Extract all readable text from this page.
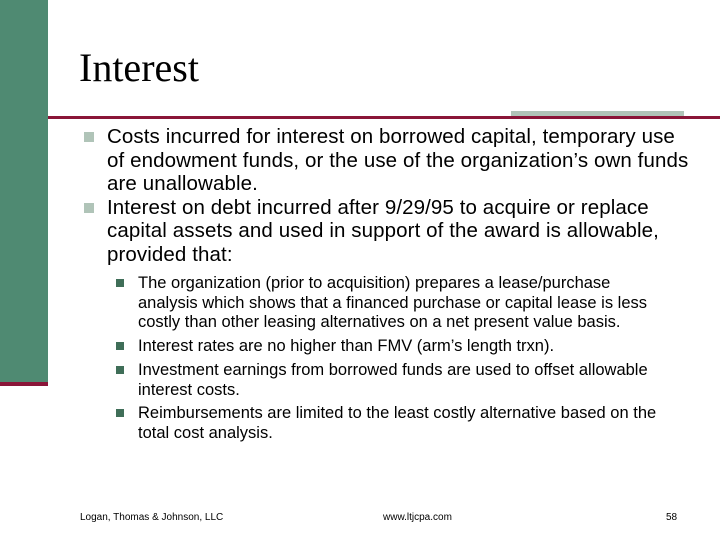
Interest

Costs incurred for interest on borrowed capital, temporary use of endowment funds, or the use of the organization’s own funds are unallowable.

Interest on debt incurred after 9/29/95 to acquire or replace capital assets and used in support of the award is allowable, provided that:

The organization (prior to acquisition) prepares a lease/purchase analysis which shows that a financed purchase or capital lease is less costly than other leasing alternatives on a net present value basis.

Interest rates are no higher than FMV (arm’s length trxn).

Investment earnings from borrowed funds are used to offset allowable interest costs.

Reimbursements are limited to the least costly alternative based on the total cost analysis.

Logan, Thomas & Johnson, LLC	www.ltjcpa.com	58
